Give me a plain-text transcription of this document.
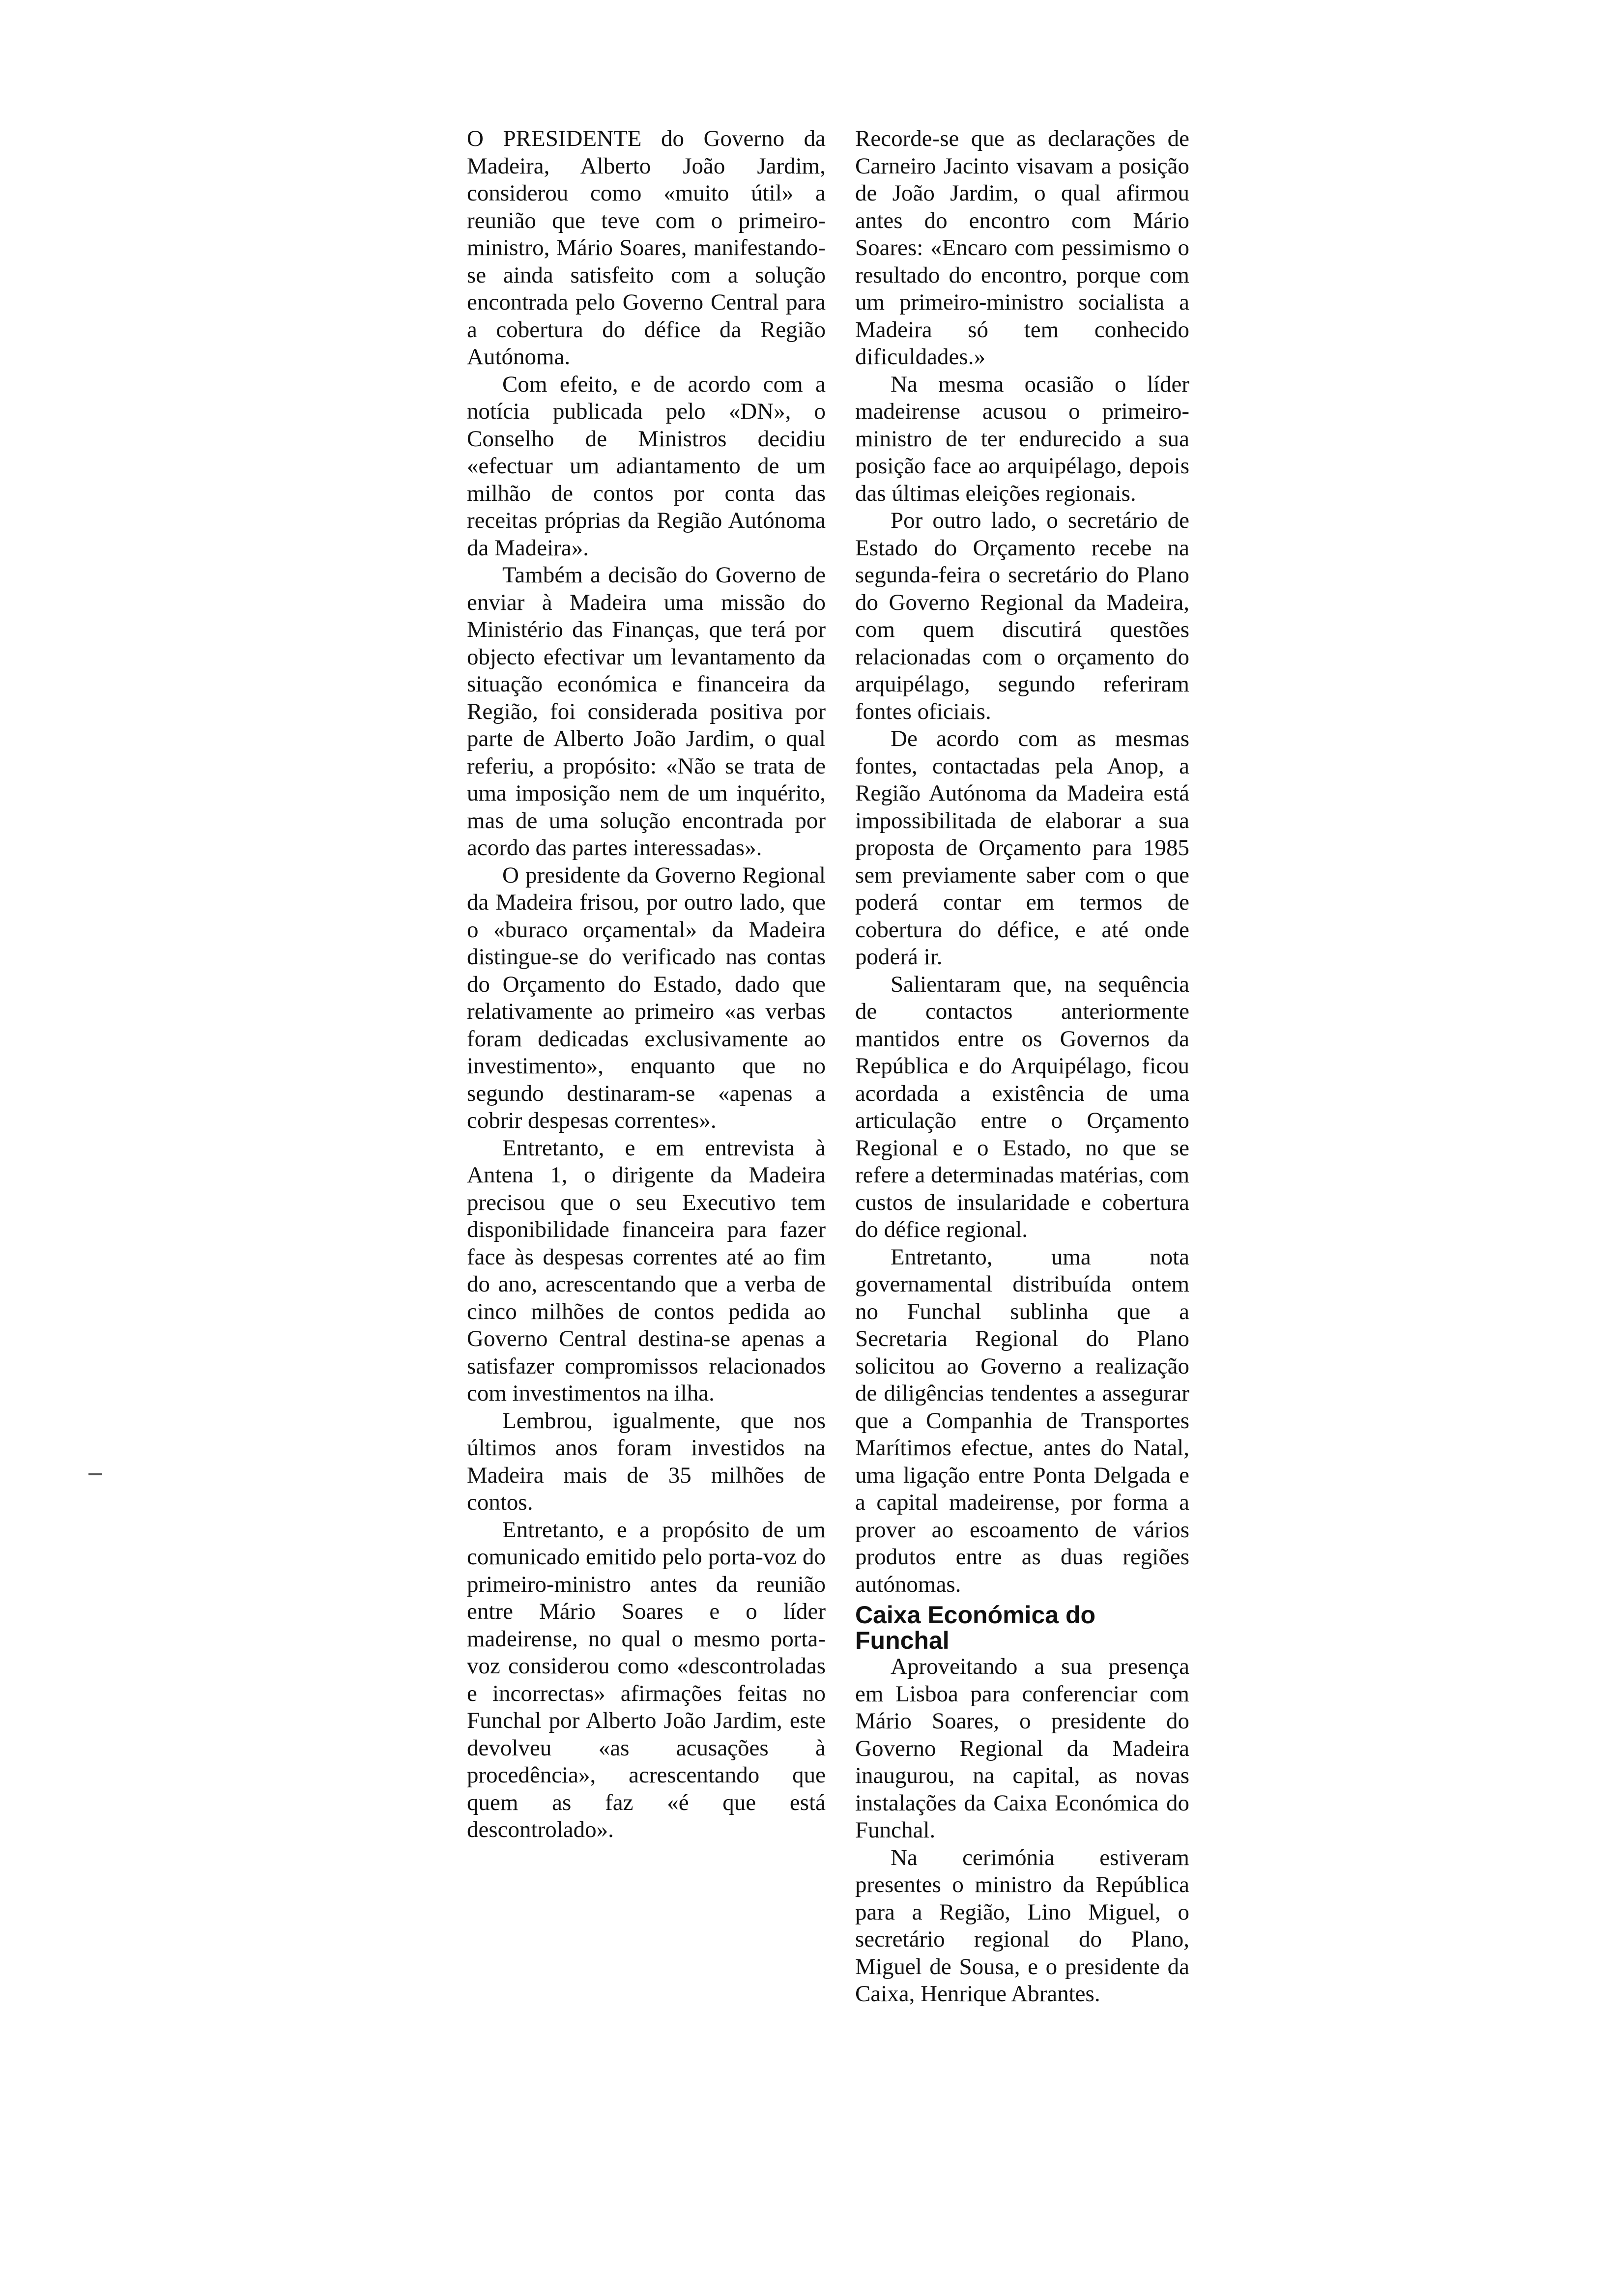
O PRESIDENTE do Governo da Madeira, Alberto João Jardim, considerou como «muito útil» a reunião que teve com o primeiro-ministro, Mário Soares, manifestando-se ainda satisfeito com a solução encontrada pelo Governo Central para a cobertura do défice da Região Autónoma.

Com efeito, e de acordo com a notícia publicada pelo «DN», o Conselho de Ministros decidiu «efectuar um adiantamento de um milhão de contos por conta das receitas próprias da Região Autónoma da Madeira».

Também a decisão do Governo de enviar à Madeira uma missão do Ministério das Finanças, que terá por objecto efectivar um levantamento da situação económica e financeira da Região, foi considerada positiva por parte de Alberto João Jardim, o qual referiu, a propósito: «Não se trata de uma imposição nem de um inquérito, mas de uma solução encontrada por acordo das partes interessadas».

O presidente da Governo Regional da Madeira frisou, por outro lado, que o «buraco orçamental» da Madeira distingue-se do verificado nas contas do Orçamento do Estado, dado que relativamente ao primeiro «as verbas foram dedicadas exclusivamente ao investimento», enquanto que no segundo destinaram-se «apenas a cobrir despesas correntes».

Entretanto, e em entrevista à Antena 1, o dirigente da Madeira precisou que o seu Executivo tem disponibilidade financeira para fazer face às despesas correntes até ao fim do ano, acrescentando que a verba de cinco milhões de contos pedida ao Governo Central destina-se apenas a satisfazer compromissos relacionados com investimentos na ilha.

Lembrou, igualmente, que nos últimos anos foram investidos na Madeira mais de 35 milhões de contos.

Entretanto, e a propósito de um comunicado emitido pelo porta-voz do primeiro-ministro antes da reunião entre Mário Soares e o líder madeirense, no qual o mesmo porta-voz considerou como «descontroladas e incorrectas» afirmações feitas no Funchal por Alberto João Jardim, este devolveu «as acusações à procedência», acrescentando que quem as faz «é que está descontrolado».

Recorde-se que as declarações de Carneiro Jacinto visavam a posição de João Jardim, o qual afirmou antes do encontro com Mário Soares: «Encaro com pessimismo o resultado do encontro, porque com um primeiro-ministro socialista a Madeira só tem conhecido dificuldades.»

Na mesma ocasião o líder madeirense acusou o primeiro-ministro de ter endurecido a sua posição face ao arquipélago, depois das últimas eleições regionais.

Por outro lado, o secretário de Estado do Orçamento recebe na segunda-feira o secretário do Plano do Governo Regional da Madeira, com quem discutirá questões relacionadas com o orçamento do arquipélago, segundo referiram fontes oficiais.

De acordo com as mesmas fontes, contactadas pela Anop, a Região Autónoma da Madeira está impossibilitada de elaborar a sua proposta de Orçamento para 1985 sem previamente saber com o que poderá contar em termos de cobertura do défice, e até onde poderá ir.

Salientaram que, na sequência de contactos anteriormente mantidos entre os Governos da República e do Arquipélago, ficou acordada a existência de uma articulação entre o Orçamento Regional e o Estado, no que se refere a determinadas matérias, com custos de insularidade e cobertura do défice regional.

Entretanto, uma nota governamental distribuída ontem no Funchal sublinha que a Secretaria Regional do Plano solicitou ao Governo a realização de diligências tendentes a assegurar que a Companhia de Transportes Marítimos efectue, antes do Natal, uma ligação entre Ponta Delgada e a capital madeirense, por forma a prover ao escoamento de vários produtos entre as duas regiões autónomas.

Caixa Económica do Funchal

Aproveitando a sua presença em Lisboa para conferenciar com Mário Soares, o presidente do Governo Regional da Madeira inaugurou, na capital, as novas instalações da Caixa Económica do Funchal.

Na cerimónia estiveram presentes o ministro da República para a Região, Lino Miguel, o secretário regional do Plano, Miguel de Sousa, e o presidente da Caixa, Henrique Abrantes.
